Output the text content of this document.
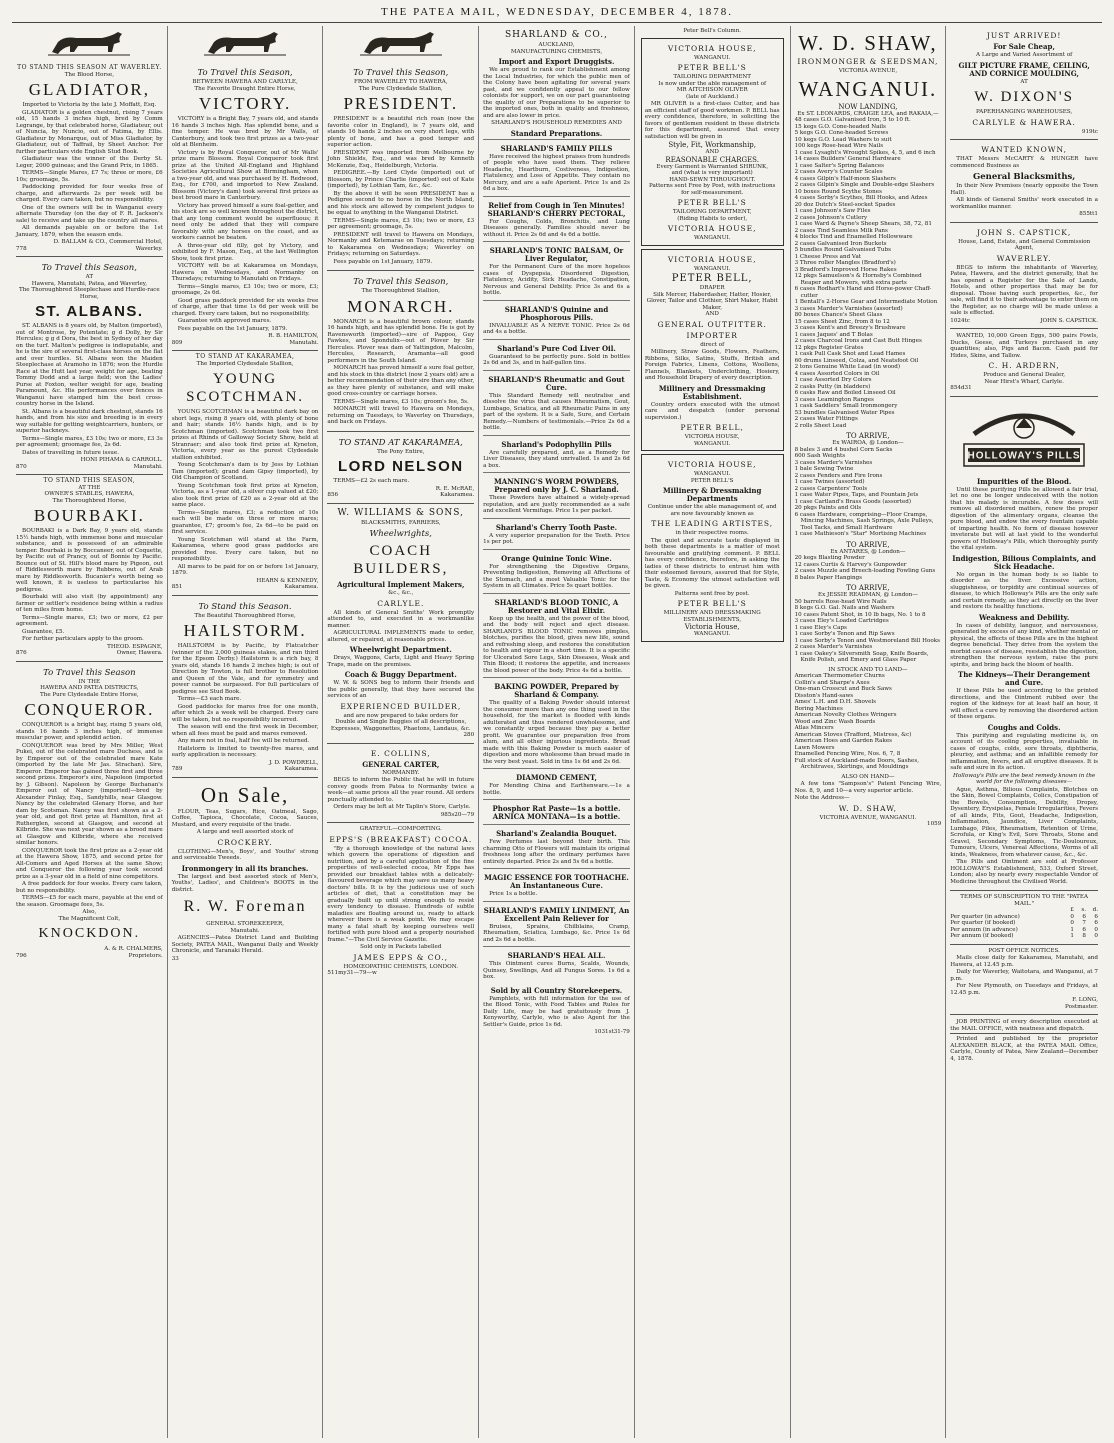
THE PATEA MAIL, WEDNESDAY, DECEMBER 4, 1878.
TO STAND THIS SEASON AT WAVERLEY.
The Blood Horse,
GLADIATOR,
Imported to Victoria by the late J. Moffatt, Esq.

GLADIATOR is a golden chestnut, rising 7 years old, 15 hands 3 inches high, bred by Comm Legrange, by that celebrated horse, Gladiateur, out of Nuncia, by Nuncio, out of Fatima, by Ellis. Gladiateur by Monarque, out of Miss Gladiator, by Gladiateur, out of Taffrail, by Sheet Anchor. For further particulars vide English Stud Book.

Gladiateur was the winner of the Derby St. Leger, 2000 guineas; and the Grand Prix, in 1865.

TERMS—Single Mares, £7 7s; three or more, £6 10s; groomage, 5s.

Paddocking provided for four weeks free of charge, and afterwards 2s per week will be charged. Every care taken, but no responsibility.

One of the owners will be in Wanganui every alternate Thursday (on the day of F. R. Jackson's sale) to receive and take up the country all mares.

All demands payable on or before the 1st January, 1879, when the season ends.

D. BALLAM & CO., Commercial Hotel,
778	Waverley.
To Travel this Season,
AT
Hawera, Manutahi, Patea, and Waverley,
The Thoroughbred Steeplechase and Hurdle-race Horse,
ST. ALBANS.

ST. ALBANS is 8 years old, by Malton (imported), out of Montrose, by Potentate; g d Dolly, by Sir Hercules; g g d Dora, the best in Sydney of her day on the turf. Malton's pedigree is indisputable, and he is the sire of several first-class horses on the flat and over hurdles. St. Albans won the Maiden Steeplechase at Aramoho in 1876; won the Hurdle Race at the Hutt last year, weight for age, beating Tommy Dodd and a large field; won the Ladies' Purse at Foxton, welter weight for age, beating Paramount, &c. His performances over fences in Wanganui have stamped him the best cross-country horse in the Island.

St. Albans is a beautiful dark chestnut, stands 16 hands, and from his size and breeding is in every way suitable for getting weightcarriers, hunters, or superior hackneys.

Terms—Single mares, £3 10s; two or more, £3 3s per agreement; groomage fee, 2s 6d.

Dates of travelling in future issue.

HONI PIHAMA & CARROLL.
870	Manutahi.
TO STAND THIS SEASON,
AT THE
OWNER'S STABLES, HAWERA,
The Thoroughbred Horse,
BOURBAKI.

BOURBAKI is a Dark Bay, 9 years old, stands 15½ hands high, with immense bone and muscular substance, and is possessed of an admirable temper. Bourbaki is by Boccaneer, out of Coquette, by Pacific out of Prancy, out of Bonnie by Pacific. Bounce out of St. Hill's blood mare by Pigeon, out of Riddlesworth mare by Rubbens, out of Arab mare by Riddlesworth. Bucanier's worth being so well known, it is useless to particularise his pedigree.

Bourbaki will also visit (by appointment) any farmer or settler's residence being within a radius of ten miles from home.

Terms—Single mares, £3; two or more, £2 per agreement.

Guarantee, £5.

For further particulars apply to the groom.

THEOD. ESPAGNE,
876	Owner, Hawera.
To Travel this Season
IN THE
HAWERA AND PATEA DISTRICTS,
The Pure Clydesdale Entire Horse,
CONQUEROR.

CONQUEROR is a bright bay, rising 5 years old, stands 16 hands 3 inches high, of immense muscular power, and splendid action.

CONQUEROR was bred by Mrs Miller, West Pukei, out of the celebrated mare Duchess, and is by Emperor out of the celebrated mare Kate (imported by the late Mr Jas. Strachan). Sire, Emperor. Emperor has gained three first and three second prizes. Emperor's sire, Napoleon (imported by J. Gibson). Napoleon by George Buchanan's Emperor out of Nancy (imported)—bred by Alexander Finlay, Esq., Sandyhills, near Glasgow. Nancy by the celebrated Glenary Horse, and her dam by Scotsman. Nancy was first shown as a 2-year old, and got first prize at Hamilton, first at Rutherglen, second at Glasgow, and second at Kilbride. She was next year shown as a brood mare at Glasgow and Kilbride, where she received similar honors.

CONQUEROR took the first prize as a 2-year old at the Hawera Show, 1875, and second prize for All-Comers and Aged Horses at the same Show; and Conqueror the following year took second prize as a 3-year old in a field of nine competitors.

A free paddock for four weeks. Every care taken, but no responsibility.

TERMS—£5 for each mare, payable at the end of the season. Groomage fees, 5s.

Also,
The Magnificent Colt,
KNOCKDON.
A. & R. CHALMERS,
796	Proprietors.
To Travel this Season,
BETWEEN HAWERA AND CARLYLE,
The Favorite Draught Entire Horse,
VICTORY.

VICTORY is a Bright Bay, 7 years old, and stands 16 hands 3 inches high. Has splendid bone, and a fine temper. He was bred by Mr Walls, of Canterbury, and took two first prizes as a two-year old at Blenheim.

Victory is by Royal Conqueror, out of Mr Walls' prize mare Blossom. Royal Conqueror took first prize at the United All-England and Highland Societies Agricultural Show at Birmingham, when a two-year old, and was purchased by H. Redwood, Esq., for £700, and imported to New Zealand. Blossom (Victory's dam) took several first prizes as best brood mare in Canterbury.

Victory has proved himself a sure foal-getter, and his stock are so well known throughout the district, that any long comment would be superfluous; it need only be added that they will compare favorably with any horses on the coast, and as workers cannot be beaten.

A three-year old filly, got by Victory, and exhibited by F. Mason, Esq., at the last Wellington Show, took first prize.

VICTORY will be at Kakaramea on Mondays, Hawera on Wednesdays, and Normanby on Thursdays; returning to Manutahi on Fridays.

Terms—Single mares, £3 10s; two or more, £3; groomage, 2s 6d.

Good grass paddock provided for six weeks free of charge, after that time 1s 6d per week will be charged. Every care taken, but no responsibility.

Guarantee with approved mares.

Fees payable on the 1st January, 1879.

R. B. HAMILTON,
809	Manutahi.
TO STAND AT KAKARAMEA,
The Imported Clydesdale Stallion,
YOUNG SCOTCHMAN.

YOUNG SCOTCHMAN is a beautiful dark bay on short legs, rising 8 years old, with plenty of bone and hair; stands 16½ hands high, and is by Scotchman (imported). Scotchman took two first prizes at Rhinds of Galloway Society Show, held at Stranraer; and also took first prize at Kyneton, Victoria, every year as the purest Clydesdale stallion exhibited.

Young Scotchman's dam is by Jess by Lothian Tam (imported); grand dam Gipsy (imported), by Old Champion of Scotland.

Young Scotchman took first prize at Kyneton, Victoria, as a 1-year old, a silver cup valued at £20; also took first prize of £20 as a 2-year old at the same place.

Terms—Single mares, £3; a reduction of 10s each will be made on three or more mares; guarantee, £7; groom's fee, 2s 6d—to be paid on first service.

Young Scotchman will stand at the Farm, Kakaramea, where good grass paddocks are provided free. Every care taken, but no responsibility.

All mares to be paid for on or before 1st January, 1879.

HEARN & KENNEDY,
851	Kakaramea.
To Stand this Season.
The Beautiful Thoroughbred Horse,
HAILSTORM.

HAILSTORM is by Pacific, by Flatcatcher (winner of the 2,000 guineas stakes, and ran third for the Epsom Derby.) Hailstorm is a rich bay, 8 years old, stands 16 hands 2 inches high; is out of Direction by Towton, is full brother to Resolution and Queen of the Vale, and for symmetry and power cannot be surpassed. For full particulars of pedigree see Stud Book.

Terms—£3 each mare.

Good paddocks for mares free for one month, after which 2s a week will be charged. Every care will be taken, but no responsibility incurred.

The season will end the first week in December, when all fees must be paid and mares removed.

Any mare not in foal, half fee will be returned.

Hailstorm is limited to twenty-five mares, and early application is necessary.

J. D. POWDRELL,
789	Kakaramea.
On Sale,

FLOUR, Teas, Sugars, Rice, Oatmeal, Sago, Coffee, Tapioca, Chocolate, Cocoa, Sauces, Mustard, and every requisite of the trade.

A large and well assorted stock of
CROCKERY.

CLOTHING—Men's, Boys', and Youths' strong and serviceable Tweeds.

Ironmongery in all its branches.

The largest and best assorted stock of Men's, Youths', Ladies', and Children's BOOTS in the district.

R. W. Foreman
GENERAL STOREKEEPER,
Manutahi.

AGENCIES—Patea District Land and Building Society, PATEA MAIL, Wanganui Daily and Weekly Chronicle, and Taranaki Herald.

33
To Travel this Season,
FROM WAVERLEY TO HAWERA,
The Pure Clydesdale Stallion,
PRESIDENT.

PRESIDENT is a beautiful rich roan (now the favorite color in England), is 7 years old, and stands 16 hands 2 inches on very short legs, with plenty of bone, and has a good temper and superior action.

PRESIDENT was imported from Melbourne by John Shields, Esq., and was bred by Kenneth McKenzie, Esq., Heidelburgh, Victoria.

PEDIGREE.—By Lord Clyde (imported) out of Blossom, by Prince Charlie (imported) out of Kate (imported), by Lothian Tam, &c., &c.

By the above it will be seen PRESIDENT has a Pedigree second to no horse in the North Island, and his stock are allowed by competent judges to be equal to anything in the Wanganui District.

TERMS—Single mares, £3 10s; two or more, £3 per agreement; groomage, 5s.

PRESIDENT will travel to Hawera on Mondays, Normanby and Ketemarae on Tuesdays; returning to Kakaramea on Wednesdays; Waverley on Fridays; returning on Saturdays.

Fees payable on 1st January, 1879.

To Travel this Season,
The Thoroughbred Stallion,
MONARCH.

MONARCH is a beautiful brown colour, stands 16 hands high, and has splendid bone. He is got by Ravensworth (imported)—sire of Pappoo, Guy Fawkes, and Spondulix—out of Plover by Sir Hercules. Plover was dam of Yattingdon, Malcolm, Hercules, Research, Aramanta—all good performers in the South Island.

MONARCH has proved himself a sure foal getter, and his stock in this district (now 2 years old) are a better recommendation of their sire than any other, as they have plenty of substance, and will make good cross-country or carriage horses.

TERMS—Single mares, £3 10s; groom's fee, 5s.

MONARCH will travel to Hawera on Mondays, returning on Tuesdays, to Waverley on Thursdays, and back on Fridays.

TO STAND AT KAKARAMEA,
The Pony Entire,
LORD NELSON

TERMS—£2 2s each mare.

R. E. McRAE,
856	Kakaramea.
W. WILLIAMS & SONS,
BLACKSMITHS, FARRIERS,
Wheelwrights,
COACH BUILDERS,
Agricultural Implement Makers,
&c., &c.,
CARLYLE.

All kinds of General Smiths' Work promptly attended to, and executed in a workmanlike manner.

AGRICULTURAL IMPLEMENTS made to order, altered, or repaired, at reasonable prices.

Wheelwright Department.

Drays, Waggons, Carts, Light and Heavy Spring Traps, made on the premises.

Coach & Buggy Department.

W. W. & SONS beg to inform their friends and the public generally, that they have secured the services of an

EXPERIENCED BUILDER,
and are now prepared to take orders for
Double and Single Buggies of all descriptions,
Expresses, Waggonettes, Phaetons, Landaus, &c.
280
E. COLLINS,
GENERAL CARTER,
NORMANBY.

BEGS to inform the Public that he will in future convey goods from Patea to Normanby twice a week—at same prices all the year round. All orders punctually attended to.

Orders may be left at Mr Taplin's Store, Carlyle.

985s20—79
GRATEFUL—COMFORTING.
EPPS'S (BREAKFAST) COCOA.

"By a thorough knowledge of the natural laws which govern the operations of digestion and nutrition, and by a careful application of the fine properties of well-selected cocoa, Mr Epps has provided our breakfast tables with a delicately-flavoured beverage which may save us many heavy doctors' bills. It is by the judicious use of such articles of diet, that a constitution may be gradually built up until strong enough to resist every tendency to disease. Hundreds of subtle maladies are floating around us, ready to attack wherever there is a weak point. We may escape many a fatal shaft by keeping ourselves well fortified with pure blood and a properly nourished frame."—The Civil Service Gazette.

Sold only in Packets labelled
JAMES EPPS & CO.,
HOMŒOPATHIC CHEMISTS, LONDON.
511my31—79—w
SHARLAND & CO.,
AUCKLAND,
MANUFACTURING CHEMISTS,
Import and Export Druggists.

We are proud to rank our Establishment among the Local Industries, for which the public men of the Colony have been agitating for several years past, and we confidently appeal to our fellow colonists for support, we on our part guaranteeing the quality of our Preparations to be superior to the imported ones, both in quality and freshness, and are also lower in price.

SHARLAND'S HOUSEHOLD REMEDIES AND
Standard Preparations.
SHARLAND'S FAMILY PILLS

Have received the highest praises from hundreds of people who have used them. They relieve Headache, Heartburn, Costiveness, Indigestion, Flatulency, and Loss of Appetite. They contain no Mercury, and are a safe Aperient. Price 1s and 2s 6d a box.

Relief from Cough in Ten Minutes! SHARLAND'S CHERRY PECTORAL,

For Coughs, Colds, Bronchitis, and Lung Diseases generally. Families should never be without it. Price 2s 6d and 4s 6d a bottle.

SHARLAND'S TONIC BALSAM, Or Liver Regulator,

For the Permanent Cure of the more hopeless cases of Dyspepsia, Disordered Digestion, Flatulency, Acidity, Sick Headache, Constipation, Nervous and General Debility. Price 3s and 6s a bottle.

SHARLAND'S Quinine and Phosphorous Pills.

INVALUABLE AS A NERVE TONIC. Price 2s 6d and 4s a bottle.

Sharland's Pure Cod Liver Oil.

Guaranteed to be perfectly pure. Sold in bottles 2s 6d and 3s, and in half-gallon tins.

SHARLAND'S Rheumatic and Gout Cure.

This Standard Remedy will neutralise and dissolve the virus that causes Rheumatism, Gout, Lumbago, Sciatica, and all Rheumatic Pains in any part of the system. It is a Safe, Sure, and Certain Remedy.—Numbers of testimonials.—Price 2s 6d a bottle.

Sharland's Podophyllin Pills

Are carefully prepared, and, as a Remedy for Liver Diseases, they stand unrivalled. 1s and 2s 6d a box.

MANNING'S WORM POWDERS, Prepared only by J. C. Sharland.

These Powders have attained a widely-spread reputation, and are justly recommended as a safe and excellent Vermifuge. Price 1s per packet.

Sharland's Cherry Tooth Paste.

A very superior preparation for the Teeth. Price 1s per pot.

Orange Quinine Tonic Wine.

For strengthening the Digestive Organs, Preventing Indigestion, Removing all Affections of the Stomach, and a most Valuable Tonic for the System in all Climates. Price 5s quart bottles.

SHARLAND'S BLOOD TONIC, A Restorer and Vital Elixir.

Keep up the health, and the power of the blood, and the body will reject and eject disease. SHARLAND'S BLOOD TONIC removes pimples, blotches, purifies the blood, gives new life, sound and refreshing sleep, and restores the constitution to health and vigour in a short time. It is a specific for Ulcerated Sore Legs, Skin Diseases, Weak and Thin Blood; it restores the appetite, and increases the blood power of the body. Price 4s 6d a bottle.

BAKING POWDER, Prepared by Sharland & Company.

The quality of a Baking Powder should interest the consumer more than any one thing used in the household, for the market is flooded with kinds adulterated and thus rendered unwholesome, and we constantly urged because they pay a better profit. We guarantee our preparation free from alum, and all other injurious ingredients. Bread made with this Baking Powder is much easier of digestion and more wholesome than bread made in the very best yeast. Sold in tins 1s 6d and 2s 6d.

DIAMOND CEMENT,

For Mending China and Earthenware.—1s a bottle.

Phosphor Rat Paste—1s a bottle. ARNICA MONTANA—1s a bottle.
Sharland's Zealandia Bouquet.

Few Perfumes last beyond their birth. This charming Otto of Flowers will maintain its original freshness long after the ordinary perfumes have entirely departed. Price 2s and 5s 6d a bottle.

MAGIC ESSENCE FOR TOOTHACHE. An Instantaneous Cure.

Price 1s a bottle.

SHARLAND'S FAMILY LINIMENT, An Excellent Pain Reliever for

Bruises, Sprains, Chilblains, Cramp, Rheumatism, Sciatica, Lumbago, &c. Price 1s 6d and 2s 6d a bottle.

SHARLAND'S HEAL ALL.

This Ointment cures Burns, Scalds, Wounds, Quinsey, Swellings, And all Fungus Sores. 1s 6d a box.

Sold by all Country Storekeepers.

Pamphlets, with full information for the use of the Blood Tonic, with Food Tables and Rules for Daily Life, may be had gratuitously from J. Kenyworthy, Carlyle, who is also Agent for the Settler's Guide, price 1s 6d.

1031st31-79
Peter Bell's Column.
VICTORIA HOUSE,
WANGANUI.
PETER BELL'S
TAILORING DEPARTMENT
Is now under the able management of
MR AITCHISON OLIVER
(late of Auckland.)

MR OLIVER is a first-class Cutter, and has an efficient staff of good workmen. P. BELL has every confidence, therefore, in soliciting the favors of gentlemen resident in these districts for this department, assured that every satisfaction will be given in

Style, Fit, Workmanship,
AND
REASONABLE CHARGES.
Every Garment is Warranted SHRUNK,
and (what is very important)
HAND-SEWN THROUGHOUT.
Patterns sent Free by Post, with instructions for self-measurement.
PETER BELL'S
TAILORING DEPARTMENT,
(Riding Habits to order),
VICTORIA HOUSE,
WANGANUI.
VICTORIA HOUSE,
WANGANUI.
PETER BELL,
DRAPER
Silk Mercer, Haberdasher, Hatter, Hosier, Glover, Tailor and Clothier, Shirt Maker, Habit Maker,
AND
GENERAL OUTFITTER.
IMPORTER
direct of

Millinery, Straw Goods, Flowers, Feathers, Ribbons, Silks, Satins, Stuffs, British and Foreign Fabrics, Linens, Cottons, Woollens, Flannels, Blankets, Underclothing, Hosiery, and Household Drapery of every description.

Millinery and Dressmaking Establishment.

Country orders executed with the utmost care and despatch (under personal supervision.)

PETER BELL,
VICTORIA HOUSE,
WANGANUI.
VICTORIA HOUSE,
WANGANUI.
PETER BELL'S
Millinery & Dressmaking Departments
Continue under the able management of, and are now favourably known as
THE LEADING ARTISTES,
in their respective rooms.

The quiet and accurate taste displayed in both these departments is a matter of most favourable and gratifying comment. P. BELL has every confidence, therefore, in asking the ladies of these districts to entrust him with their esteemed favours, assured that for Style, Taste, & Economy the utmost satisfaction will be given.

Patterns sent free by post.
PETER BELL'S
MILLINERY AND DRESSMAKING ESTABLISHMENTS,
Victoria House,
WANGANUI.
W. D. SHAW,
IRONMONGER & SEEDSMAN,
VICTORIA AVENUE,
WANGANUI.
NOW LANDING,
Ex ST. LEONARDS, CRAIGIE LEA, and RAKAIA,—
48 cases G.O. Galvanised Iron, 5 to 10 ft.
15 kegs G.O. Cone-headed Nails
5 kegs G.O. Cone-headed Screws
10 kegs G.O. Lead Washers to suit
100 kegs Rose-head Wire Nails
1 case Lysaght's Wrought Spikes, 4, 5, and 6 inch
14 cases Builders' General Hardware
1 case Salter's Spring Balances
2 cases Avery's Counter Scales
4 cases Gilpin's Half-moon Slashers
2 cases Gilpin's Single and Double-edge Slashers
10 boxes Round Scythe Stones
4 cases Sorby's Scythes, Bill Hooks, and Adzes
20 doz Dutch's Steel-socket Spades
1 case Johnson's Saw Files
2 cases Johnson's Cutlery
1 case Ward & Payne's Sheep Shears, 38, 72, 81
2 cases Tind Seamless Milk Pans
4 blocks Tind and Enamelled Hollowware
2 cases Galvanised Iron Buckets
5 bundles Round Galvanised Tubs
1 Cheese Press and Vat
3 Three roller Mangles (Bradford's)
3 Bradford's Improved Horse Rakes
12 pkgs Samuelson's & Hornsby's Combined Reaper and Mowers, with extra parts
6 cases Rodhart's Hand and Horse-power Chaff-cutter
1 Bentall's 2-Horse Gear and Intermediate Motion
3 cases Marder's Varnishes (assorted)
80 boxes Chance's Sheet Glass
15 cases Sheet Zinc, from 8 to 12
3 cases Kent's and Breezy's Brushware
1 cases Jaques' and T Bolas
2 cases Charcoal Irons and Cast Butt Hinges
12 pkgs Register Grates
1 cask Pull Cask Shot and Lead Hames
60 drums Linseed, Colza, and Neatsfoot Oil
2 tons Genuine White Lead (in wood)
4 cases Assorted Colors in Oil
1 case Assorted Dry Colors
2 casks Putty (in bladders)
6 casks Raw and Boiled Linseed Oil
3 cases Leamington Ranges
1 cask Saddlers' Small Ironmongery
53 bundles Galvanised Water Pipes
2 cases Water Fittings
2 rolls Sheet Lead
TO ARRIVE,
Ex WAIROA, @ London—
8 bales 3 and 4 bushel Corn Sacks
600 Sash Weights
3 cases Marder's Varnishes
1 bale Sewing Twine
2 cases Fenders and Fire Irons
1 case Twines (assorted)
2 cases Carpenters' Tools
1 case Water Pipes, Taps, and Fountain Jets
1 case Cartland's Brass Goods (assorted)
20 pkgs Paints and Oils
6 cases Hardware, comprising—Floor Cramps, Mincing Machines, Sash Springs, Axle Pulleys, Tool Tacks, and Small Hardware
1 case Mathieson's "Star" Mortising Machines
TO ARRIVE,
Ex ANTARES, @ London—
20 kegs Blasting Powder
12 cases Curtis & Harvey's Gunpowder
2 cases Muzzle and Breech-loading Fowling Guns
8 bales Paper Hangings
TO ARRIVE,
Ex JESSIE READMAN, @ London—
50 barrels Rose-head Wire Nails
8 kegs G.O. Gal. Nails and Washers
10 cases Patent Shot, in 10 lb bags, No. 1 to 8
3 cases Eley's Loaded Cartridges
1 case Eley's Caps
1 case Sorby's Tenon and Rip Saws
1 case Sorby's Tenon and Westmoreland Bill Hooks
2 cases Marder's Varnishes
1 case Oakey's Silversmith Soap, Knife Boards, Knife Polish, and Emery and Glass Paper
IN STOCK AND TO LAND—
American Thermometer Churns
Collin's and Sharpe's Axes
One-man Crosscut and Buck Saws
Disston's Hand-saws
Ames' L.H. and D.H. Shovels
Boring Machines
American Novelty Clothes Wringers
Wood and Zinc Wash Boards
Atlas Mincers
American Stoves (Trafford, Mistress, &c)
American Hoes and Garden Rakes
Lawn Mowers
Enamelled Fencing Wire, Nos. 6, 7, 8
Full stock of Auckland-made Doors, Sashes, Architraves, Skirtings, and Mouldings
ALSO ON HAND—

A few tons "Sampson's" Patent Fencing Wire, Nos. 8, 9, and 10—a very superior article.

Note the Address—
W. D. SHAW,
VICTORIA AVENUE, WANGANUI.
1059
JUST ARRIVED!
For Sale Cheap,
A Large and Varied Assortment of
GILT PICTURE FRAME, CEILING, AND CORNICE MOULDING,
AT
W. DIXON'S
PAPERHANGING WAREHOUSES,
CARLYLE & HAWERA.
919tc
WANTED KNOWN,

THAT Messrs McCARTY & HUNGER have commenced Business as

General Blacksmiths,

In their New Premises (nearly opposite the Town Hall).

All kinds of General Smiths' work executed in a workmanlike manner.

855tt1
JOHN S. CAPSTICK,
House, Land, Estate, and General Commission Agent,
WAVERLEY.

BEGS to inform the inhabitants of Waverley, Patea, Hawera, and the district generally, that he has opened a Register for the Sale of Lands, Hotels, and other properties that may be for disposal. Those having such properties, &c., for sale, will find it to their advantage to enter them on the Register, as no charge will be made unless a sale is effected.

1024tc	JOHN S. CAPSTICK.

WANTED, 10,000 Green Eggs, 500 pairs Fowls, Ducks, Geese, and Turkeys purchased in any quantities; also, Pigs and Bacon. Cash paid for Hides, Skins, and Tallow.

C. H. ARDERN,
Produce and General Dealer,
Near Hirst's Wharf, Carlyle.
854d31
HOLLOWAY'S PILLS
Impurities of the Blood.

Until these purifying Pills be allowed a fair trial, let no one be longer undeceived with the notion that his malady is incurable. A few doses will remove all disordered matters, renew the proper digestion of the alimentary organs, cleanse the pure blood, and endow the every fountain capable of imparting health. No form of disease however inveterate but will at last yield to the wonderful powers of Holloway's Pills, which thoroughly purify the vital system.

Indigestion, Bilious Complaints, and Sick Headache.

No organ in the human body is so liable to disorder as the liver. Excessive action, sluggishness, or torpidity are continual sources of disease, to which Holloway's Pills are the only safe and certain remedy, as they act directly on the liver and restore its healthy functions.

Weakness and Debility.

In cases of debility, languor, and nervousness, generated by excess of any kind, whether mental or physical, the effects of these Pills are in the highest degree beneficial. They drive from the system the morbid causes of disease, reestablish the digestion, strengthen the nervous system, raise the pure spirits, and bring back the bloom of health.

The Kidneys—Their Derangement and Cure.

If these Pills be used according to the printed directions, and the Ointment rubbed over the region of the kidneys for at least half an hour, it will effect a cure by removing the disordered action of these organs.

Coughs and Colds.

This purifying and regulating medicine is, on account of its cooling properties, invaluable in cases of coughs, colds, sore throats, diphtheria, pleurisy, and asthma; and an infallible remedy for inflammation, fevers, and all eruptive diseases. It is safe and sure in its action.

Holloway's Pills are the best remedy known in the world for the following diseases—

Ague, Asthma, Bilious Complaints, Blotches on the Skin, Bowel Complaints, Colics, Constipation of the Bowels, Consumption, Debility, Dropsy, Dysentery, Erysipelas, Female Irregularities, Fevers of all kinds, Fits, Gout, Headache, Indigestion, Inflammation, Jaundice, Liver Complaints, Lumbago, Piles, Rheumatism, Retention of Urine, Scrofula, or King's Evil, Sore Throats, Stone and Gravel, Secondary Symptoms, Tic-Douloureux, Tumours, Ulcers, Venereal Affections, Worms of all kinds, Weakness, from whatever cause, &c., &c.

The Pills and Ointment are sold at Professor HOLLOWAY'S Establishment, 533, Oxford Street, London; also by nearly every respectable Vendor of Medicine throughout the Civilised World.

TERMS OF SUBSCRIPTION TO THE "PATEA MAIL."
	£	s.	d.
Per quarter (in advance)	0	6	6
Per quarter (if booked)	0	7	6
Per annum (in advance)	1	6	0
Per annum (if booked)	1	8	0
POST OFFICE NOTICES.

Mails close daily for Kakaramea, Manutahi, and Hawera, at 12.45 p.m.

Daily for Waverley, Waitotara, and Wanganui, at 7 p.m.

For New Plymouth, on Tuesdays and Fridays, at 12.45 p.m.

F. LONG,
Postmaster.

JOB PRINTING of every description executed at the MAIL OFFICE, with neatness and dispatch.

Printed and published by the proprietor ALEXANDER BLACK, at the PATEA MAIL Office, Carlyle, County of Patea, New Zealand—December 4, 1878.
